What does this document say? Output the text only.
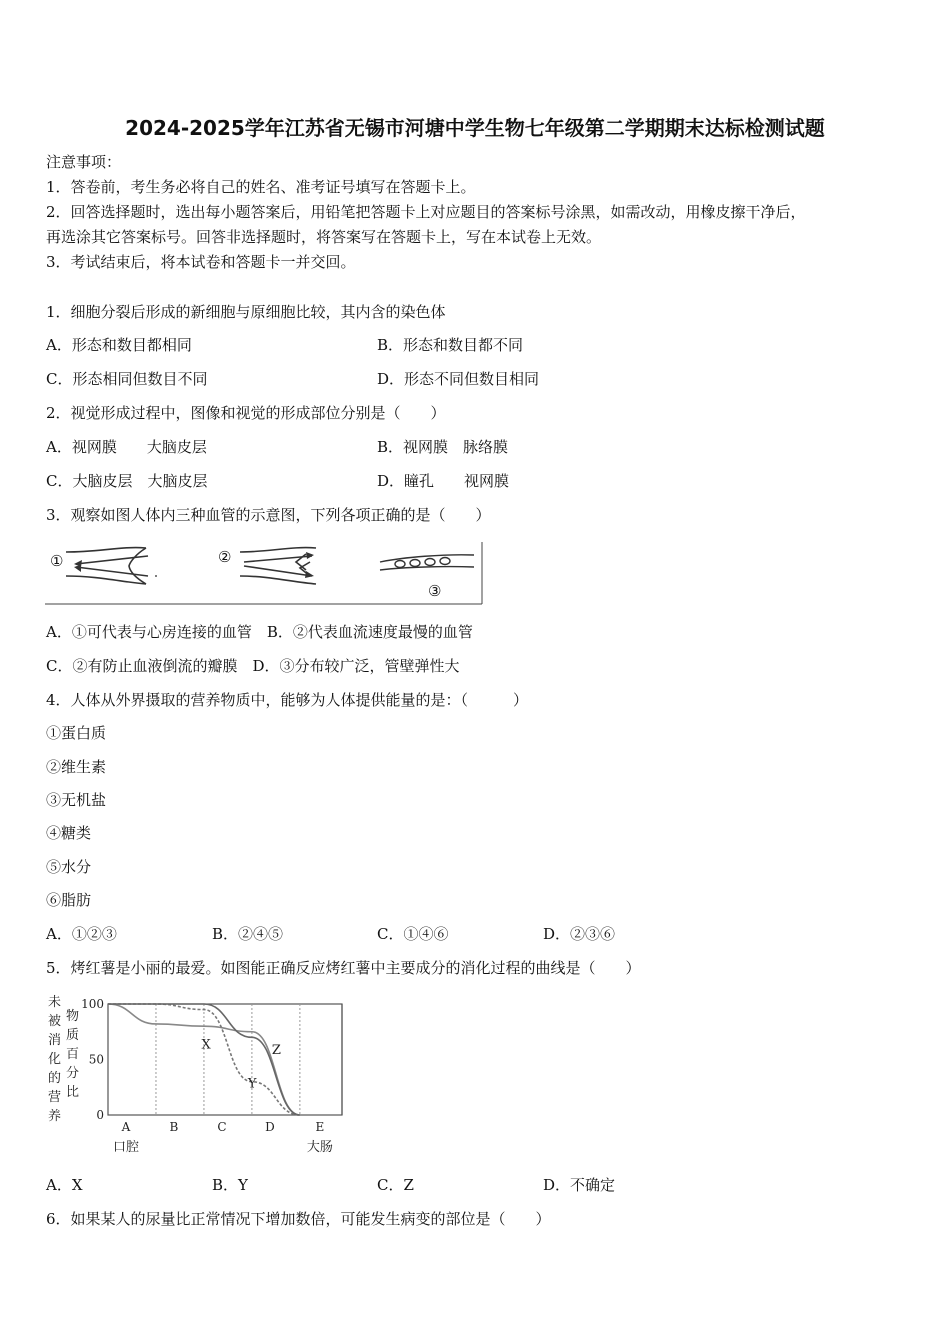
2024-2025学年江苏省无锡市河塘中学生物七年级第二学期期末达标检测试题
注意事项：
1．答卷前，考生务必将自己的姓名、准考证号填写在答题卡上。
2．回答选择题时，选出每小题答案后，用铅笔把答题卡上对应题目的答案标号涂黑，如需改动，用橡皮擦干净后，
再选涂其它答案标号。回答非选择题时，将答案写在答题卡上，写在本试卷上无效。
3．考试结束后，将本试卷和答题卡一并交回。
1．细胞分裂后形成的新细胞与原细胞比较，其内含的染色体
A．形态和数目都相同	B．形态和数目都不同
C．形态相同但数目不同	D．形态不同但数目相同
2．视觉形成过程中，图像和视觉的形成部位分别是（　　）
A．视网膜　　大脑皮层	B．视网膜　脉络膜
C．大脑皮层　大脑皮层	D．瞳孔　　视网膜
3．观察如图人体内三种血管的示意图，下列各项正确的是（　　）
①	②
③
A．①可代表与心房连接的血管　B．②代表血流速度最慢的血管
C．②有防止血液倒流的瓣膜　D．③分布较广泛，管壁弹性大
4．人体从外界摄取的营养物质中，能够为人体提供能量的是：（　　　）
①蛋白质
②维生素
③无机盐
④糖类
⑤水分
⑥脂肪
A．①②③	B．②④⑤	C．①④⑥	D．②③⑥
5．烤红薯是小丽的最爱。如图能正确反应烤红薯中主要成分的消化过程的曲线是（　　）
未
被
消
化
的
营
养
物
质
百
分
比
100
50
0
A
口腔
B	C	D	E
大肠
X
Y
Z
A．X	B．Y	C．Z	D．不确定
6．如果某人的尿量比正常情况下增加数倍，可能发生病变的部位是（　　）
